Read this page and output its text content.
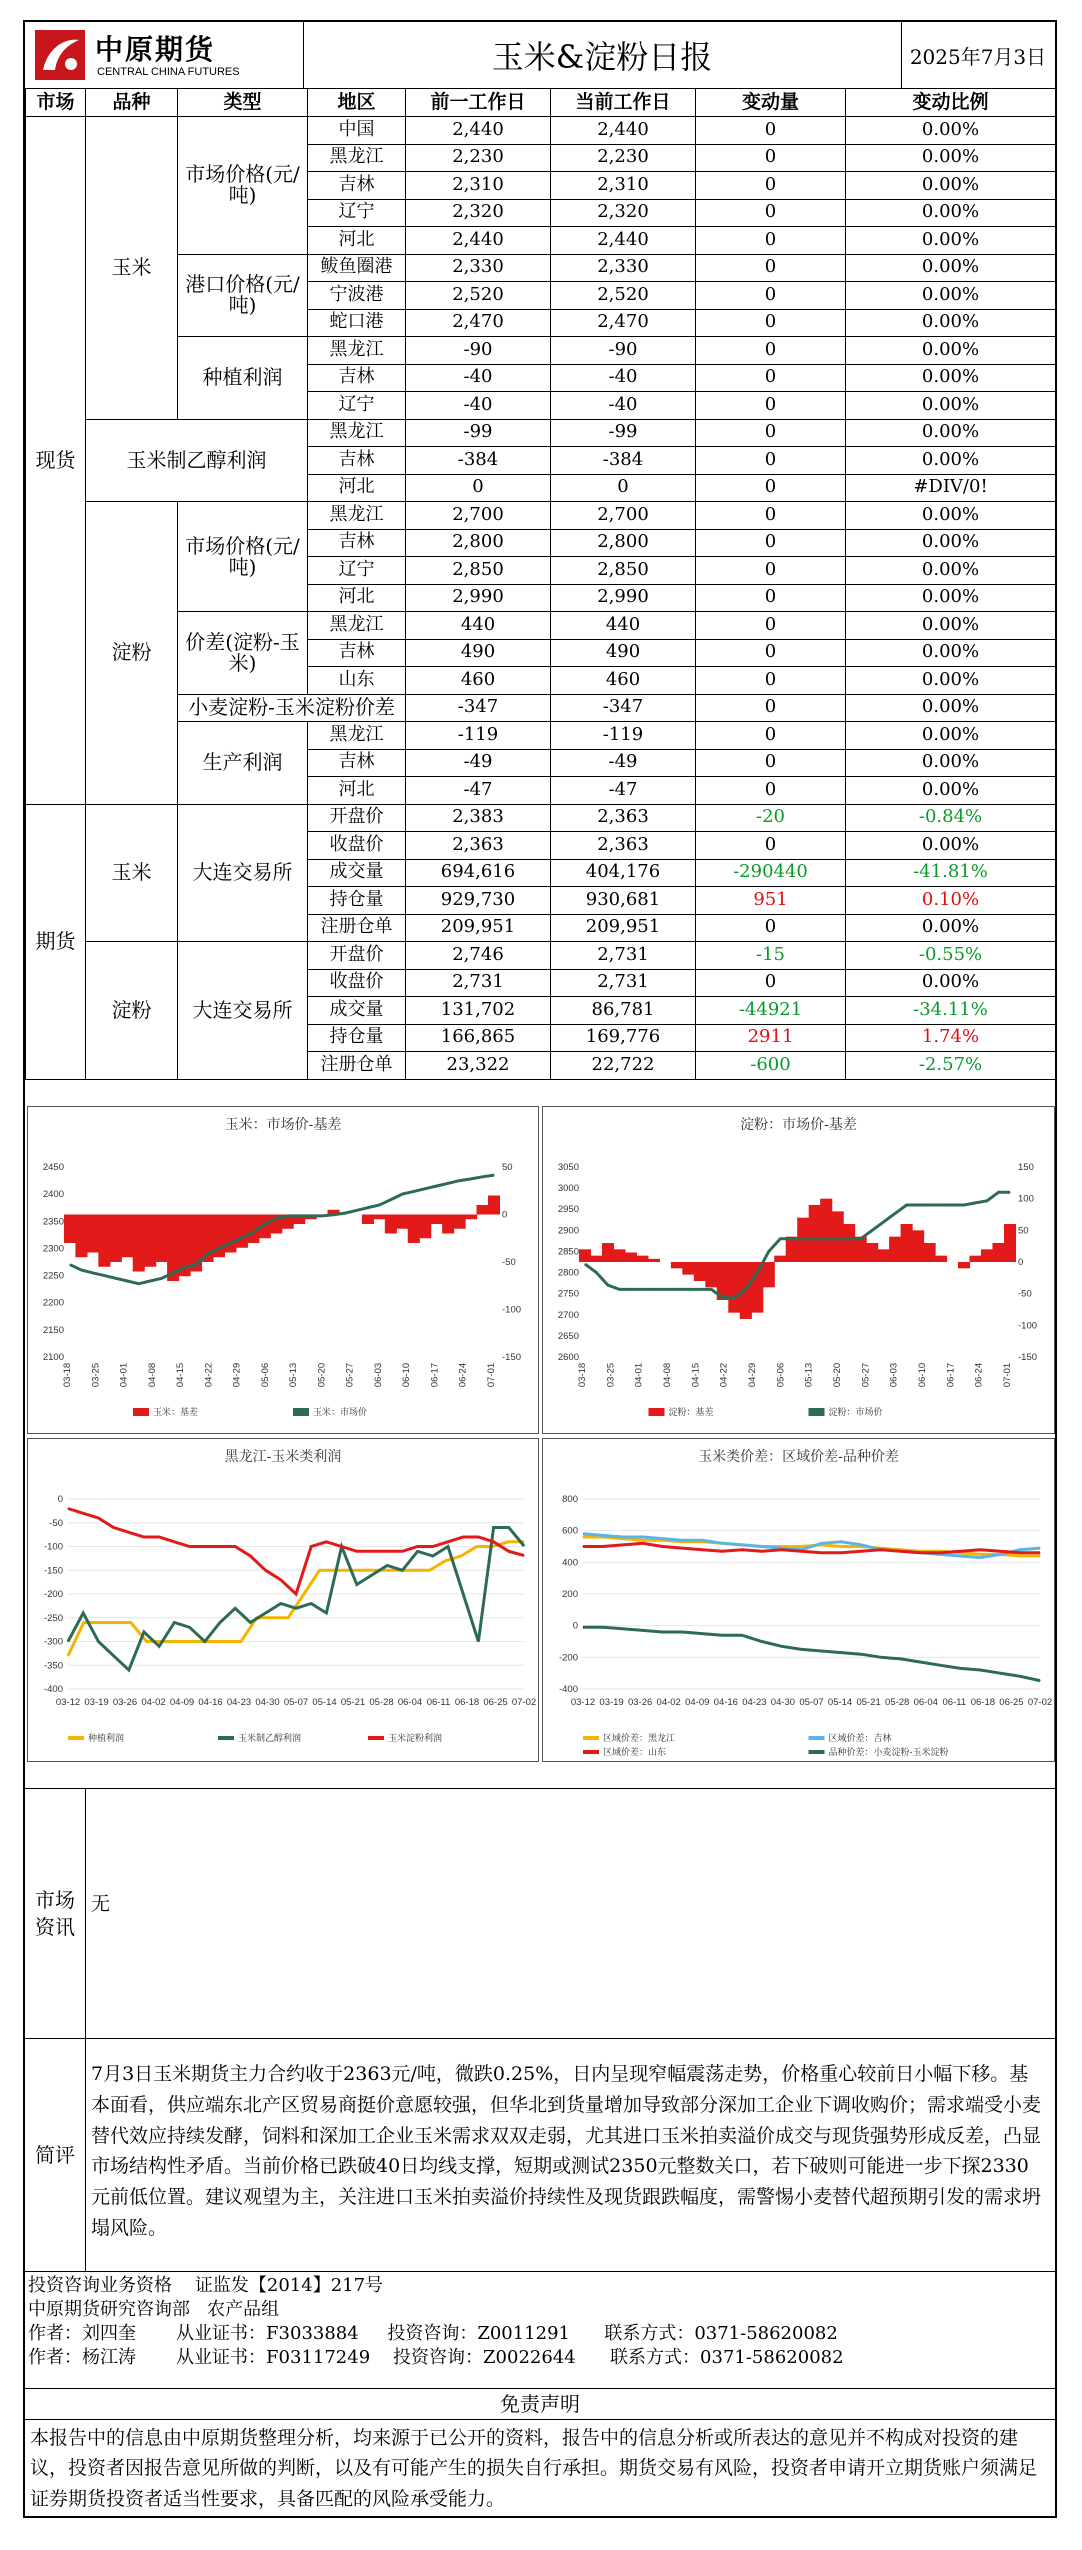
中原期货
CENTRAL CHINA FUTURES	玉米&淀粉日报	2025年7月3日
市场	品种	类型	地区	前一工作日	当前工作日	变动量	变动比例
现货	玉米	市场价格(元/吨)	中国	2,440	2,440	0	0.00%
			黑龙江	2,230	2,230	0	0.00%
			吉林	2,310	2,310	0	0.00%
			辽宁	2,320	2,320	0	0.00%
			河北	2,440	2,440	0	0.00%
		港口价格(元/吨)	鲅鱼圈港	2,330	2,330	0	0.00%
			宁波港	2,520	2,520	0	0.00%
			蛇口港	2,470	2,470	0	0.00%
		种植利润	黑龙江	-90	-90	0	0.00%
			吉林	-40	-40	0	0.00%
			辽宁	-40	-40	0	0.00%
	玉米制乙醇利润		黑龙江	-99	-99	0	0.00%
			吉林	-384	-384	0	0.00%
			河北	0	0	0	#DIV/0!
	淀粉	市场价格(元/吨)	黑龙江	2,700	2,700	0	0.00%
			吉林	2,800	2,800	0	0.00%
			辽宁	2,850	2,850	0	0.00%
			河北	2,990	2,990	0	0.00%
		价差(淀粉-玉米)	黑龙江	440	440	0	0.00%
			吉林	490	490	0	0.00%
			山东	460	460	0	0.00%
		小麦淀粉-玉米淀粉价差		-347	-347	0	0.00%
		生产利润	黑龙江	-119	-119	0	0.00%
			吉林	-49	-49	0	0.00%
			河北	-47	-47	0	0.00%
期货	玉米	大连交易所	开盘价	2,383	2,363	-20	-0.84%
			收盘价	2,363	2,363	0	0.00%
			成交量	694,616	404,176	-290440	-41.81%
			持仓量	929,730	930,681	951	0.10%
			注册仓单	209,951	209,951	0	0.00%
	淀粉	大连交易所	开盘价	2,746	2,731	-15	-0.55%
			收盘价	2,731	2,731	0	0.00%
			成交量	131,702	86,781	-44921	-34.11%
			持仓量	166,865	169,776	2911	1.74%
			注册仓单	23,322	22,722	-600	-2.57%
玉米：市场价-基差
2100
2150
2200
2250
2300
2350
2400
2450
-150
-100
-50
0
50
03-18 03-25 04-01 04-08 04-15 04-22 04-29 05-06 05-13 05-20 05-27 06-03 06-10 06-17 06-24 07-01
玉米：基差	玉米：市场价
淀粉：市场价-基差
2600
2650
2700
2750
2800
2850
2900
2950
3000
3050
-150
-100
-50
0
50
100
150
03-18 03-25 04-01 04-08 04-15 04-22 04-29 05-06 05-13 05-20 05-27 06-03 06-10 06-17 06-24 07-01
淀粉：基差	淀粉：市场价
黑龙江-玉米类利润
-400
-350
-300
-250
-200
-150
-100
-50
0
03-12 03-19 03-26 04-02 04-09 04-16 04-23 04-30 05-07 05-14 05-21 05-28 06-04 06-11 06-18 06-25 07-02
种植利润	玉米制乙醇利润	玉米淀粉利润
玉米类价差：区域价差-品种价差
-400
-200
0
200
400
600
800
03-12 03-19 03-26 04-02 04-09 04-16 04-23 04-30 05-07 05-14 05-21 05-28 06-04 06-11 06-18 06-25 07-02
区域价差：黑龙江	区域价差：吉林
区域价差：山东	品种价差：小麦淀粉-玉米淀粉
市场资讯
无
简评
7月3日玉米期货主力合约收于2363元/吨，微跌0.25%，日内呈现窄幅震荡走势，价格重心较前日小幅下移。基本面看，供应端东北产区贸易商挺价意愿较强，但华北到货量增加导致部分深加工企业下调收购价；需求端受小麦替代效应持续发酵，饲料和深加工企业玉米需求双双走弱，尤其进口玉米拍卖溢价成交与现货强势形成反差，凸显市场结构性矛盾。当前价格已跌破40日均线支撑，短期或测试2350元整数关口，若下破则可能进一步下探2330元前低位置。建议观望为主，关注进口玉米拍卖溢价持续性及现货跟跌幅度，需警惕小麦替代超预期引发的需求坍塌风险。
投资咨询业务资格    证监发【2014】217号
中原期货研究咨询部   农产品组
作者：刘四奎       从业证书：F3033884     投资咨询：Z0011291      联系方式：0371-58620082
作者：杨江涛       从业证书：F03117249    投资咨询：Z0022644      联系方式：0371-58620082
免责声明
本报告中的信息由中原期货整理分析，均来源于已公开的资料，报告中的信息分析或所表达的意见并不构成对投资的建议，投资者因报告意见所做的判断，以及有可能产生的损失自行承担。期货交易有风险，投资者申请开立期货账户须满足证券期货投资者适当性要求，具备匹配的风险承受能力。
